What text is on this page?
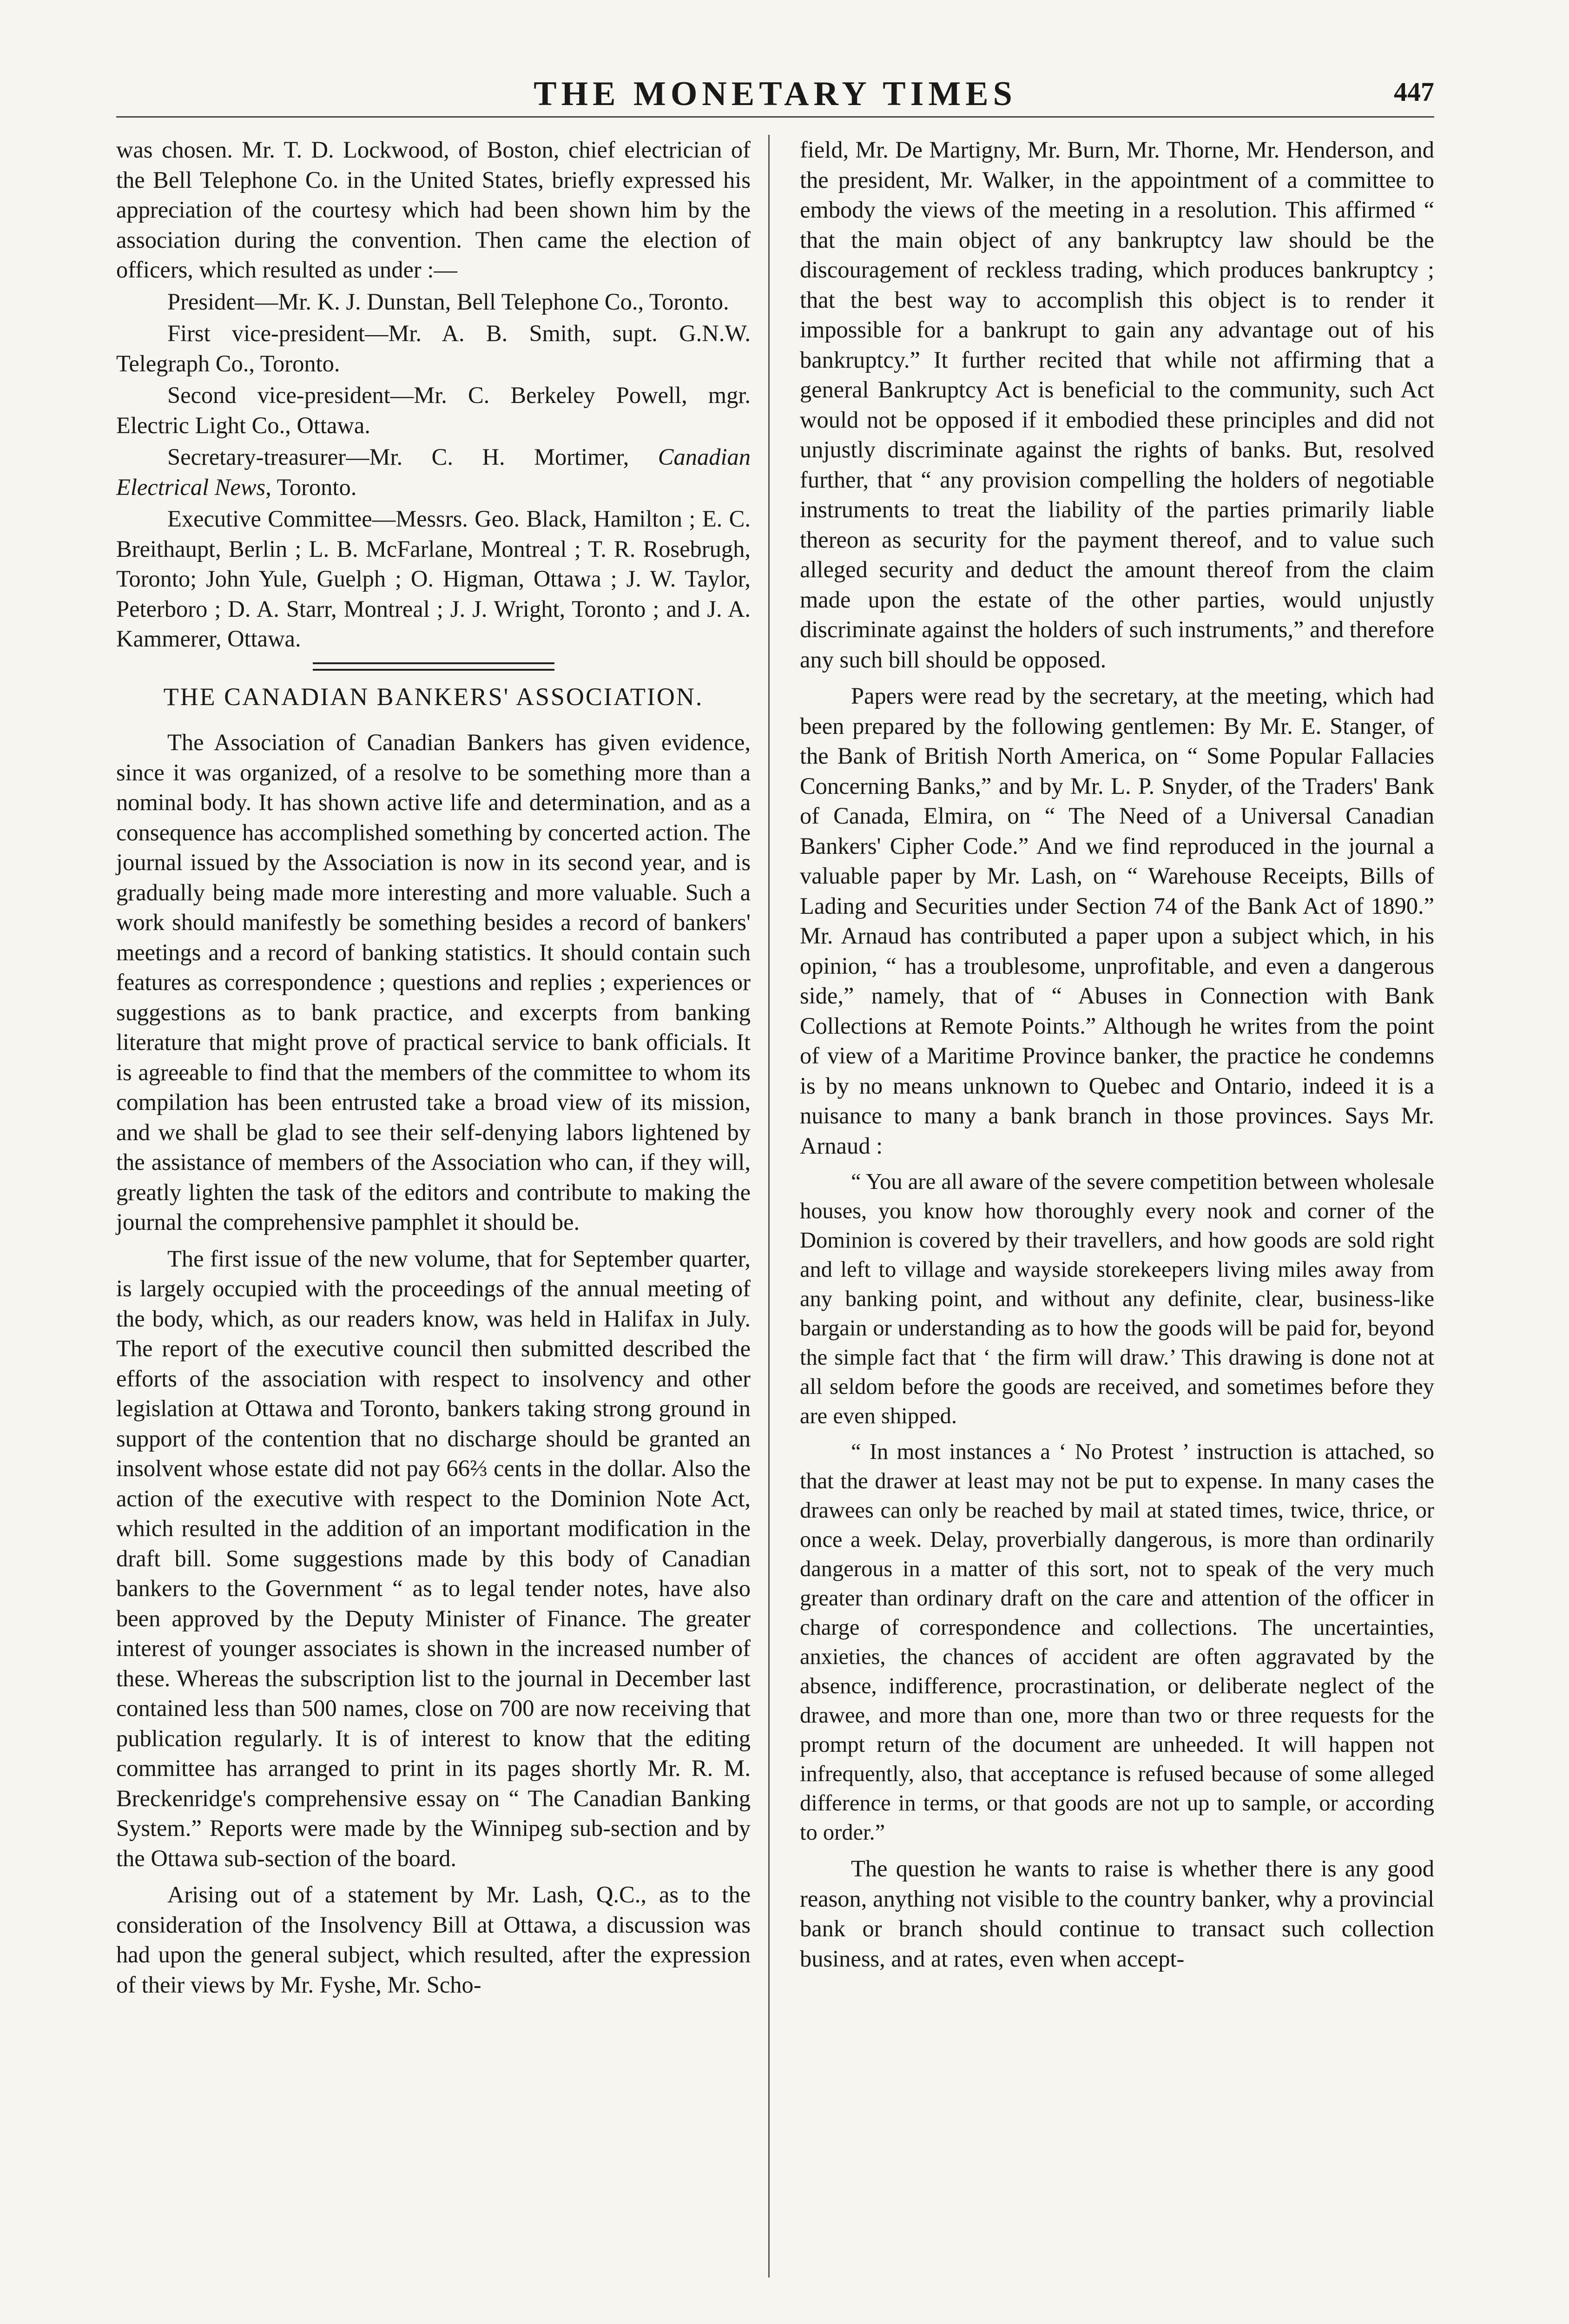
THE MONETARY TIMES	447

was chosen. Mr. T. D. Lockwood, of Boston, chief electrician of the Bell Telephone Co. in the United States, briefly expressed his appreciation of the courtesy which had been shown him by the association during the convention. Then came the election of officers, which resulted as under :—

President—Mr. K. J. Dunstan, Bell Telephone Co., Toronto.

First vice-president—Mr. A. B. Smith, supt. G.N.W. Telegraph Co., Toronto.

Second vice-president—Mr. C. Berkeley Powell, mgr. Electric Light Co., Ottawa.

Secretary-treasurer—Mr. C. H. Mortimer, Canadian Electrical News, Toronto.

Executive Committee—Messrs. Geo. Black, Hamilton ; E. C. Breithaupt, Berlin ; L. B. McFarlane, Montreal ; T. R. Rosebrugh, Toronto; John Yule, Guelph ; O. Higman, Ottawa ; J. W. Taylor, Peterboro ; D. A. Starr, Montreal ; J. J. Wright, Toronto ; and J. A. Kammerer, Ottawa.

THE CANADIAN BANKERS' ASSOCIATION.

The Association of Canadian Bankers has given evidence, since it was organized, of a resolve to be something more than a nominal body. It has shown active life and determination, and as a consequence has accomplished something by concerted action. The journal issued by the Association is now in its second year, and is gradually being made more interesting and more valuable. Such a work should manifestly be something besides a record of bankers' meetings and a record of banking statistics. It should contain such features as correspondence ; questions and replies ; experiences or suggestions as to bank practice, and excerpts from banking literature that might prove of practical service to bank officials. It is agreeable to find that the members of the committee to whom its compilation has been entrusted take a broad view of its mission, and we shall be glad to see their self-denying labors lightened by the assistance of members of the Association who can, if they will, greatly lighten the task of the editors and contribute to making the journal the comprehensive pamphlet it should be.

The first issue of the new volume, that for September quarter, is largely occupied with the proceedings of the annual meeting of the body, which, as our readers know, was held in Halifax in July. The report of the executive council then submitted described the efforts of the association with respect to insolvency and other legislation at Ottawa and Toronto, bankers taking strong ground in support of the contention that no discharge should be granted an insolvent whose estate did not pay 66⅔ cents in the dollar. Also the action of the executive with respect to the Dominion Note Act, which resulted in the addition of an important modification in the draft bill. Some suggestions made by this body of Canadian bankers to the Government “ as to legal tender notes, have also been approved by the Deputy Minister of Finance. The greater interest of younger associates is shown in the increased number of these. Whereas the subscription list to the journal in December last contained less than 500 names, close on 700 are now receiving that publication regularly. It is of interest to know that the editing committee has arranged to print in its pages shortly Mr. R. M. Breckenridge's comprehensive essay on “ The Canadian Banking System.” Reports were made by the Winnipeg sub-section and by the Ottawa sub-section of the board.

Arising out of a statement by Mr. Lash, Q.C., as to the consideration of the Insolvency Bill at Ottawa, a discussion was had upon the general subject, which resulted, after the expression of their views by Mr. Fyshe, Mr. Scho-

field, Mr. De Martigny, Mr. Burn, Mr. Thorne, Mr. Henderson, and the president, Mr. Walker, in the appointment of a committee to embody the views of the meeting in a resolution. This affirmed “ that the main object of any bankruptcy law should be the discouragement of reckless trading, which produces bankruptcy ; that the best way to accomplish this object is to render it impossible for a bankrupt to gain any advantage out of his bankruptcy.” It further recited that while not affirming that a general Bankruptcy Act is beneficial to the community, such Act would not be opposed if it embodied these principles and did not unjustly discriminate against the rights of banks. But, resolved further, that “ any provision compelling the holders of negotiable instruments to treat the liability of the parties primarily liable thereon as security for the payment thereof, and to value such alleged security and deduct the amount thereof from the claim made upon the estate of the other parties, would unjustly discriminate against the holders of such instruments,” and therefore any such bill should be opposed.

Papers were read by the secretary, at the meeting, which had been prepared by the following gentlemen: By Mr. E. Stanger, of the Bank of British North America, on “ Some Popular Fallacies Concerning Banks,” and by Mr. L. P. Snyder, of the Traders' Bank of Canada, Elmira, on “ The Need of a Universal Canadian Bankers' Cipher Code.” And we find reproduced in the journal a valuable paper by Mr. Lash, on “ Warehouse Receipts, Bills of Lading and Securities under Section 74 of the Bank Act of 1890.” Mr. Arnaud has contributed a paper upon a subject which, in his opinion, “ has a troublesome, unprofitable, and even a dangerous side,” namely, that of “ Abuses in Connection with Bank Collections at Remote Points.” Although he writes from the point of view of a Maritime Province banker, the practice he condemns is by no means unknown to Quebec and Ontario, indeed it is a nuisance to many a bank branch in those provinces. Says Mr. Arnaud :

“ You are all aware of the severe competition between wholesale houses, you know how thoroughly every nook and corner of the Dominion is covered by their travellers, and how goods are sold right and left to village and wayside storekeepers living miles away from any banking point, and without any definite, clear, business-like bargain or understanding as to how the goods will be paid for, beyond the simple fact that ‘ the firm will draw.’ This drawing is done not at all seldom before the goods are received, and sometimes before they are even shipped.

“ In most instances a ‘ No Protest ’ instruction is attached, so that the drawer at least may not be put to expense. In many cases the drawees can only be reached by mail at stated times, twice, thrice, or once a week. Delay, proverbially dangerous, is more than ordinarily dangerous in a matter of this sort, not to speak of the very much greater than ordinary draft on the care and attention of the officer in charge of correspondence and collections. The uncertainties, anxieties, the chances of accident are often aggravated by the absence, indifference, procrastination, or deliberate neglect of the drawee, and more than one, more than two or three requests for the prompt return of the document are unheeded. It will happen not infrequently, also, that acceptance is refused because of some alleged difference in terms, or that goods are not up to sample, or according to order.”

The question he wants to raise is whether there is any good reason, anything not visible to the country banker, why a provincial bank or branch should continue to transact such collection business, and at rates, even when accept-
